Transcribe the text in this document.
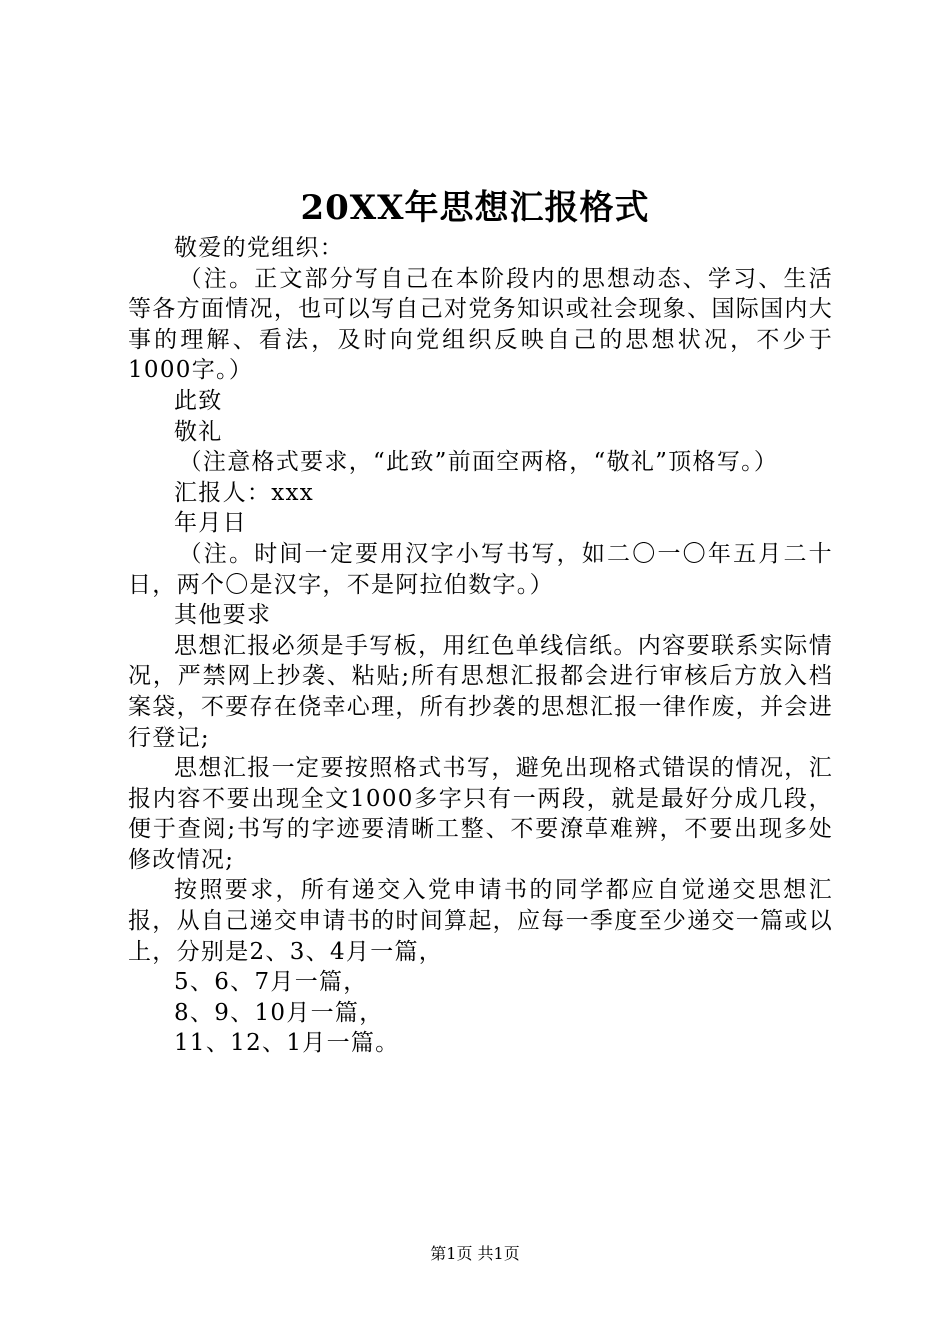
20XX年思想汇报格式

敬爱的党组织：

（注。正文部分写自己在本阶段内的思想动态、学习、生活等各方面情况，也可以写自己对党务知识或社会现象、国际国内大事的理解、看法，及时向党组织反映自己的思想状况，不少于1000字。）

此致

敬礼

（注意格式要求，“此致”前面空两格，“敬礼”顶格写。）

汇报人：xxx

年月日

（注。时间一定要用汉字小写书写，如二〇一〇年五月二十日，两个〇是汉字，不是阿拉伯数字。）

其他要求

思想汇报必须是手写板，用红色单线信纸。内容要联系实际情况，严禁网上抄袭、粘贴;所有思想汇报都会进行审核后方放入档案袋，不要存在侥幸心理，所有抄袭的思想汇报一律作废，并会进行登记;

思想汇报一定要按照格式书写，避免出现格式错误的情况，汇报内容不要出现全文1000多字只有一两段，就是最好分成几段，便于查阅;书写的字迹要清晰工整、不要潦草难辨，不要出现多处修改情况;

按照要求，所有递交入党申请书的同学都应自觉递交思想汇报，从自己递交申请书的时间算起，应每一季度至少递交一篇或以上，分别是2、3、4月一篇，

5、6、7月一篇，

8、9、10月一篇，

11、12、1月一篇。

第1页 共1页
